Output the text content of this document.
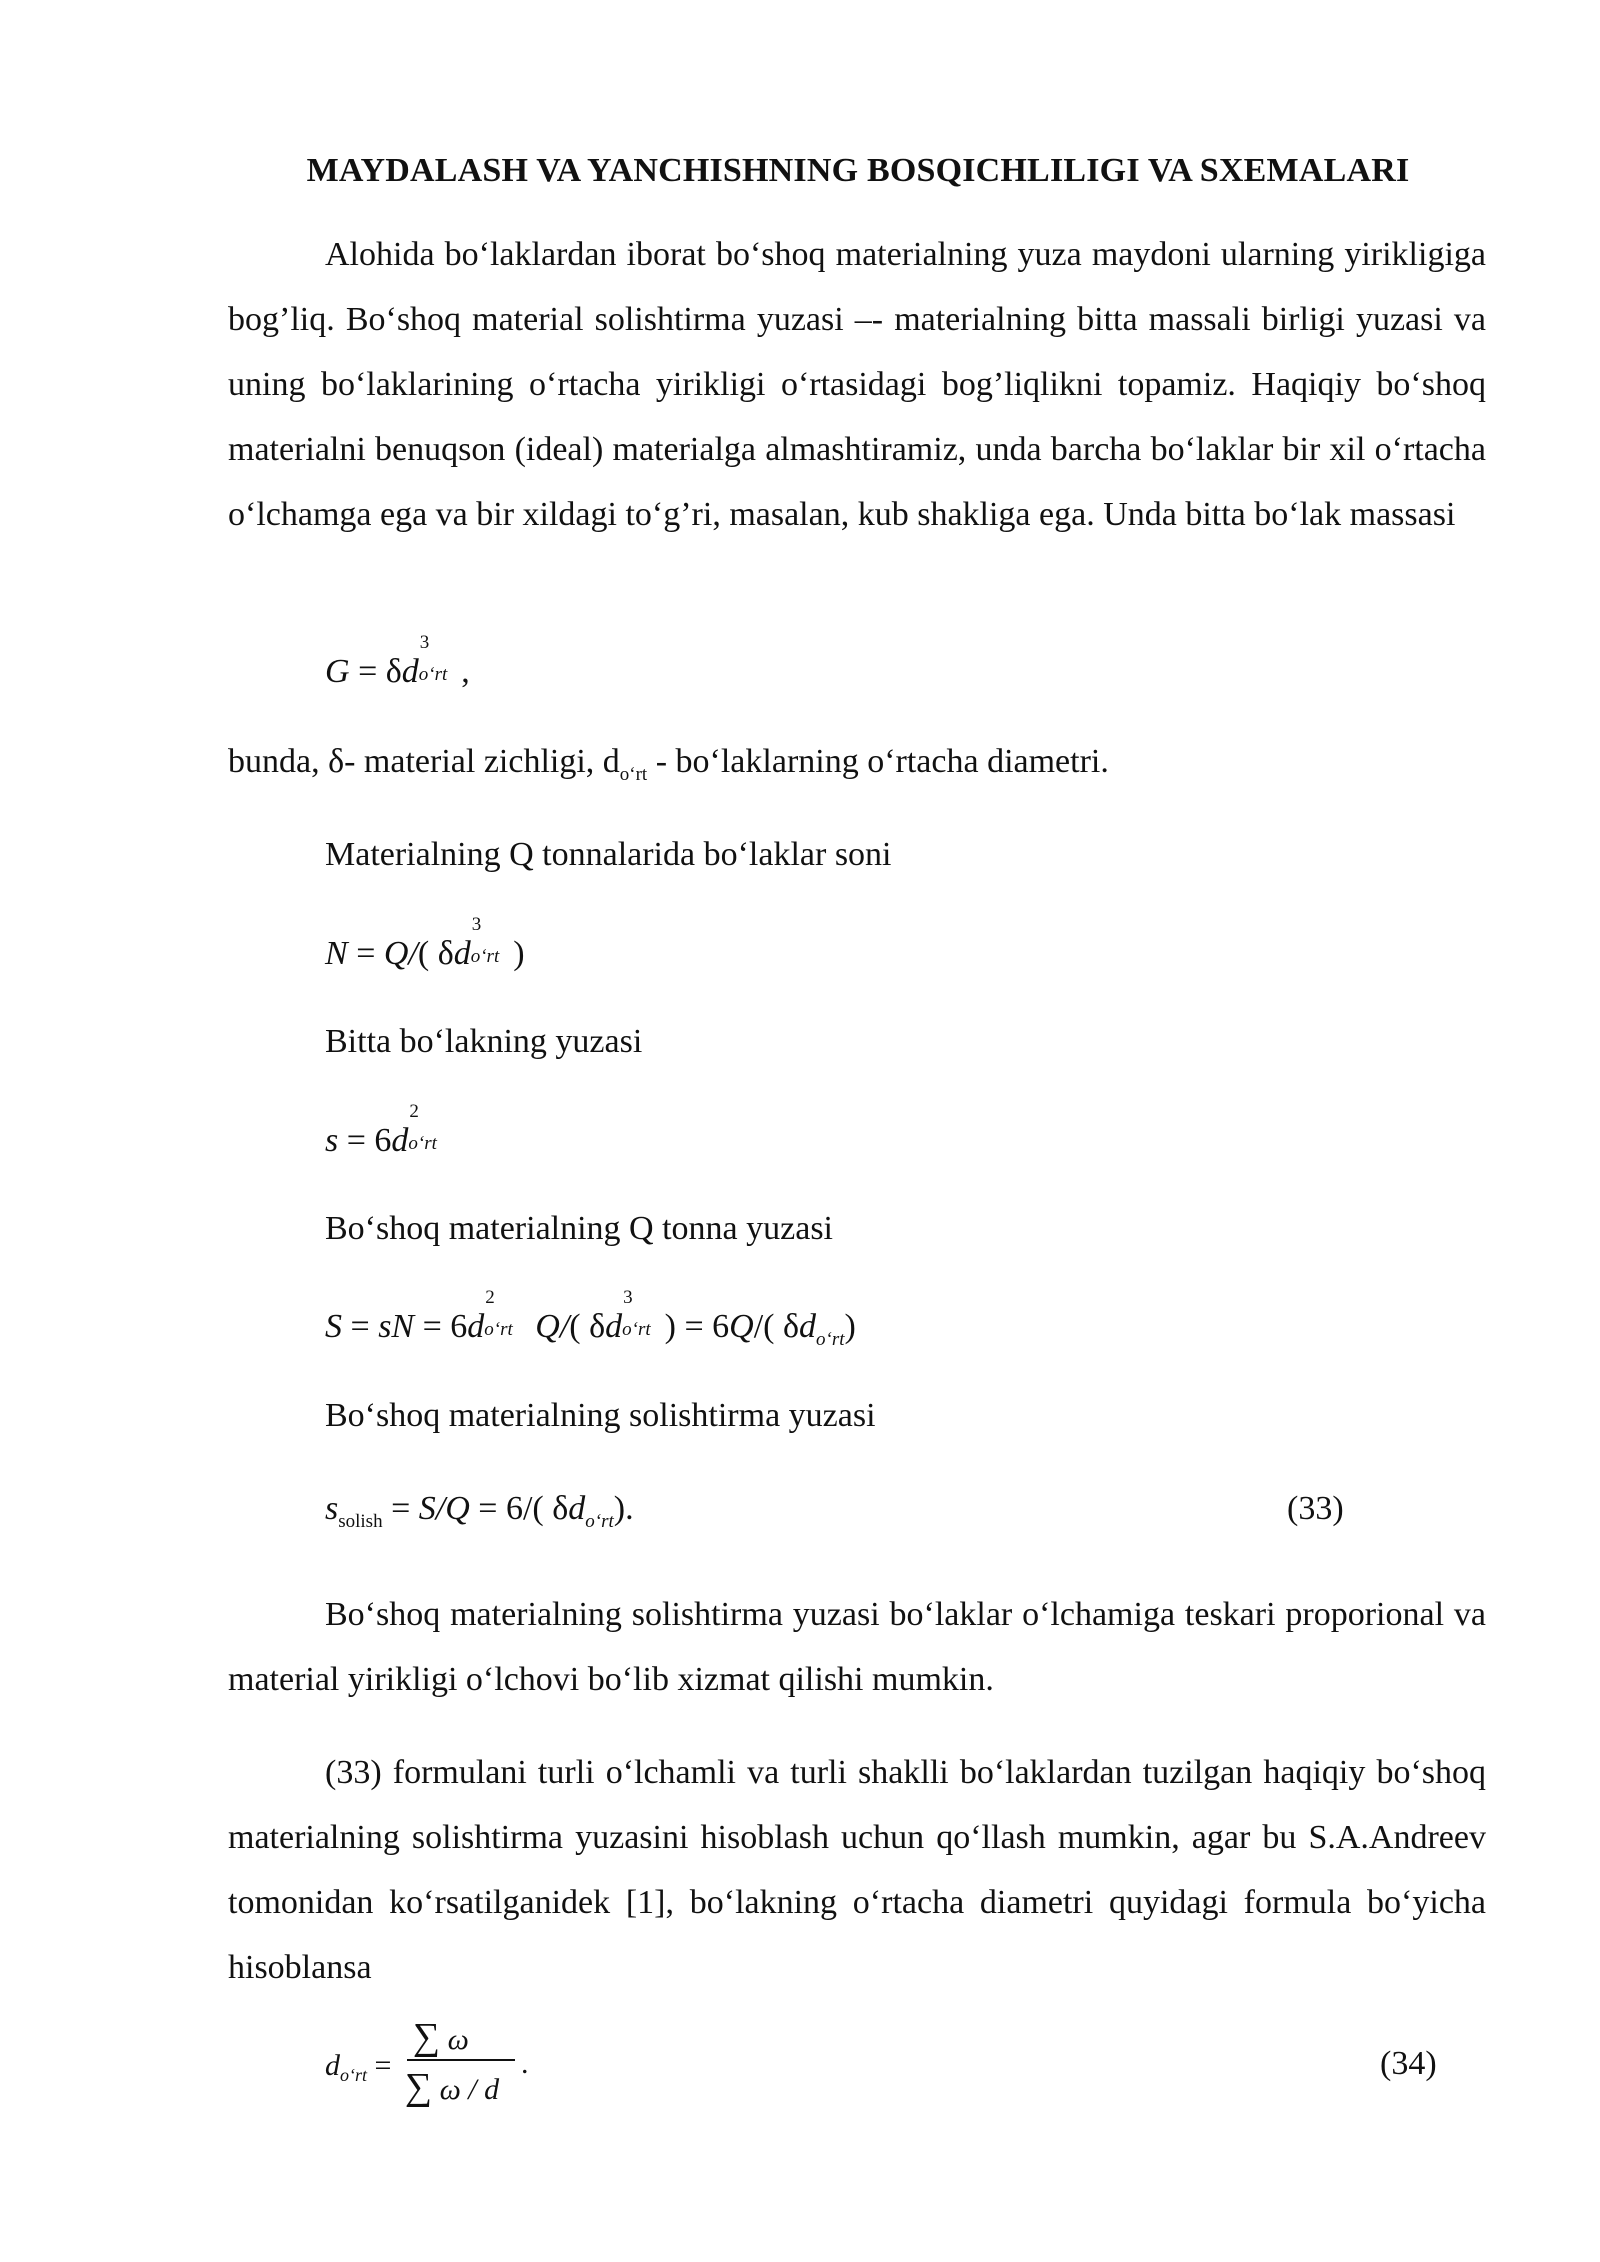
MAYDALASH VA YANCHISHNING BOSQICHLILIGI VA SXEMALARI

Alohida bo‘laklardan iborat bo‘shoq materialning yuza maydoni ularning yirikligiga bog’liq. Bo‘shoq material solishtirma yuzasi –- materialning bitta massali birligi yuzasi va uning bo‘laklarining o‘rtacha yirikligi o‘rtasidagi bog’liqlikni topamiz. Haqiqiy bo‘shoq materialni benuqson (ideal) materialga almashtiramiz, unda barcha bo‘laklar bir xil o‘rtacha o‘lchamga ega va bir xildagi to‘g’ri, masalan, kub shakliga ega. Unda bitta bo‘lak massasi

G = δd
3
o‘rt ,
bunda, δ- material zichligi, $d_{o‘rt}$ - bo‘laklarning o‘rtacha diametri.
Materialning Q tonnalarida bo‘laklar soni
N = Q/( δd
3
o‘rt )
Bitta bo‘lakning yuzasi
s = 6d
2
o‘rt
Bo‘shoq materialning Q tonna yuzasi
S = sN = 6d
2
o‘rt Q/( δd
3
o‘rt ) = 6Q/( $\delta d_{o‘rt}$)
Bo‘shoq materialning solishtirma yuzasi
$s_{solish} = S/Q = 6/$( $\delta d_{o‘rt}$).	(33)

Bo‘shoq materialning solishtirma yuzasi bo‘laklar o‘lchamiga teskari proporional va material yirikligi o‘lchovi bo‘lib xizmat qilishi mumkin.

(33) formulani turli o‘lchamli va turli shaklli bo‘laklardan tuzilgan haqiqiy bo‘shoq materialning solishtirma yuzasini hisoblash uchun qo‘llash mumkin, agar bu S.A.Andreev tomonidan ko‘rsatilganidek [1], bo‘lakning o‘rtacha diametri quyidagi formula bo‘yicha hisoblansa

$d_{o‘rt}$ =
∑ ω
∑ ω / d
.	(34)
